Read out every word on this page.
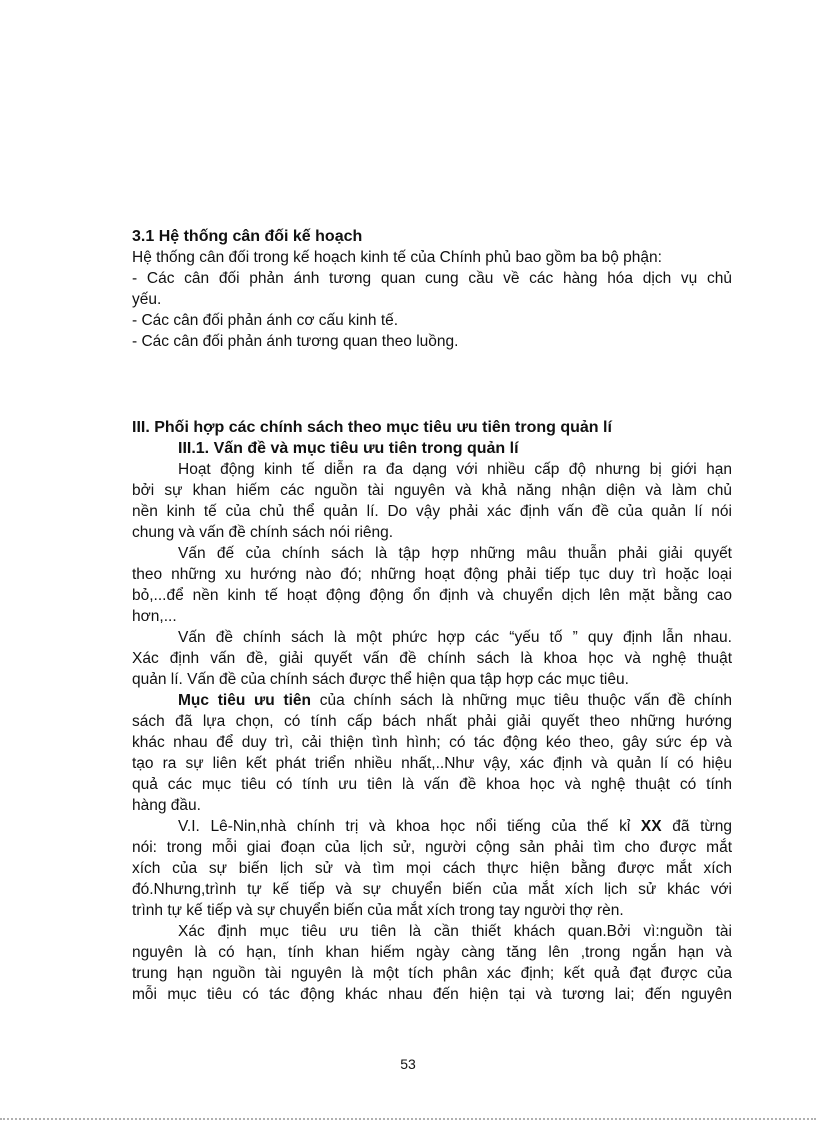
3.1 Hệ thống cân đối kế hoạch
Hệ thống cân đối trong kế hoạch kinh tế của Chính phủ bao gồm ba bộ phận:
- Các cân đối phản ánh tương quan cung cầu về các hàng hóa dịch vụ chủ
yếu.
- Các cân đối phản ánh cơ cấu kinh tế.
- Các cân đối phản ánh tương quan theo luồng.
III. Phối hợp các chính sách theo mục tiêu ưu tiên trong quản lí
III.1. Vấn đề và mục tiêu ưu tiên trong quản lí
Hoạt động kinh tế diễn ra đa dạng với nhiều cấp độ nhưng bị giới hạn
bởi sự khan hiếm các nguồn tài nguyên và khả năng nhận diện và làm chủ
nền kinh tế của chủ thể quản lí. Do vậy phải xác định vấn đề của quản lí nói
chung và vấn đề chính sách nói riêng.
Vấn đế của chính sách là tập hợp những mâu thuẫn phải giải quyết
theo những xu hướng nào đó; những hoạt động phải tiếp tục duy trì hoặc loại
bỏ,...để nền kinh tế hoạt động động ổn định và chuyển dịch lên mặt bằng cao
hơn,...
Vấn đề chính sách là một phức hợp các “yếu tố ” quy định lẫn nhau.
Xác định vấn đề, giải quyết vấn đề chính sách là khoa học và nghệ thuật
quản lí. Vấn đề của chính sách được thể hiện qua tập hợp các mục tiêu.
Mục tiêu ưu tiên của chính sách là những mục tiêu thuộc vấn đề chính
sách đã lựa chọn, có tính cấp bách nhất phải giải quyết theo những hướng
khác nhau để duy trì, cải thiện tình hình; có tác động kéo theo, gây sức ép và
tạo ra sự liên kết phát triển nhiều nhất,..Như vậy, xác định và quản lí có hiệu
quả các mục tiêu có tính ưu tiên là vấn đề khoa học và nghệ thuật có tính
hàng đầu.
V.I. Lê-Nin,nhà chính trị và khoa học nổi tiếng của thế kỉ XX đã từng
nói: trong mỗi giai đoạn của lịch sử, người cộng sản phải tìm cho được mắt
xích của sự biến lịch sử và tìm mọi cách thực hiện bằng được mắt xích
đó.Nhưng,trình tự kế tiếp và sự chuyển biến của mắt xích lịch sử khác với
trình tự kế tiếp và sự chuyển biến của mắt xích trong tay người thợ rèn.
Xác định mục tiêu ưu tiên là cần thiết khách quan.Bởi vì:nguồn tài
nguyên là có hạn, tính khan hiếm ngày càng tăng lên ,trong ngắn hạn và
trung hạn nguồn tài nguyên là một tích phân xác định; kết quả đạt được của
mỗi mục tiêu có tác động khác nhau đến hiện tại và tương lai; đến nguyên
53
